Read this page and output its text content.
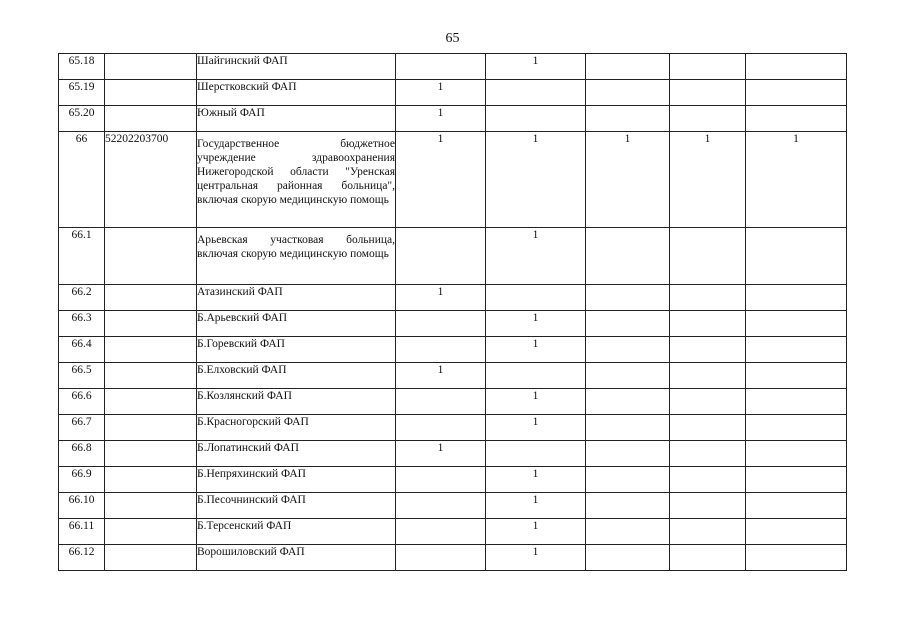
65
65.18		Шайгинский ФАП		1			
65.19		Шерстковский ФАП	1				
65.20		Южный ФАП	1				
66	52202203700	Государственное бюджетное учреждение здравоохранения Нижегородской области "Уренская центральная районная больница", включая скорую медицинскую помощь	1	1	1	1	1
66.1		Арьевская участковая больница, включая скорую медицинскую помощь		1			
66.2		Атазинский ФАП	1				
66.3		Б.Арьевский ФАП		1			
66.4		Б.Горевский ФАП		1			
66.5		Б.Елховский ФАП	1				
66.6		Б.Козлянский ФАП		1			
66.7		Б.Красногорский ФАП		1			
66.8		Б.Лопатинский ФАП	1				
66.9		Б.Непряхинский ФАП		1			
66.10		Б.Песочнинский ФАП		1			
66.11		Б.Терсенский ФАП		1			
66.12		Ворошиловский ФАП		1			
